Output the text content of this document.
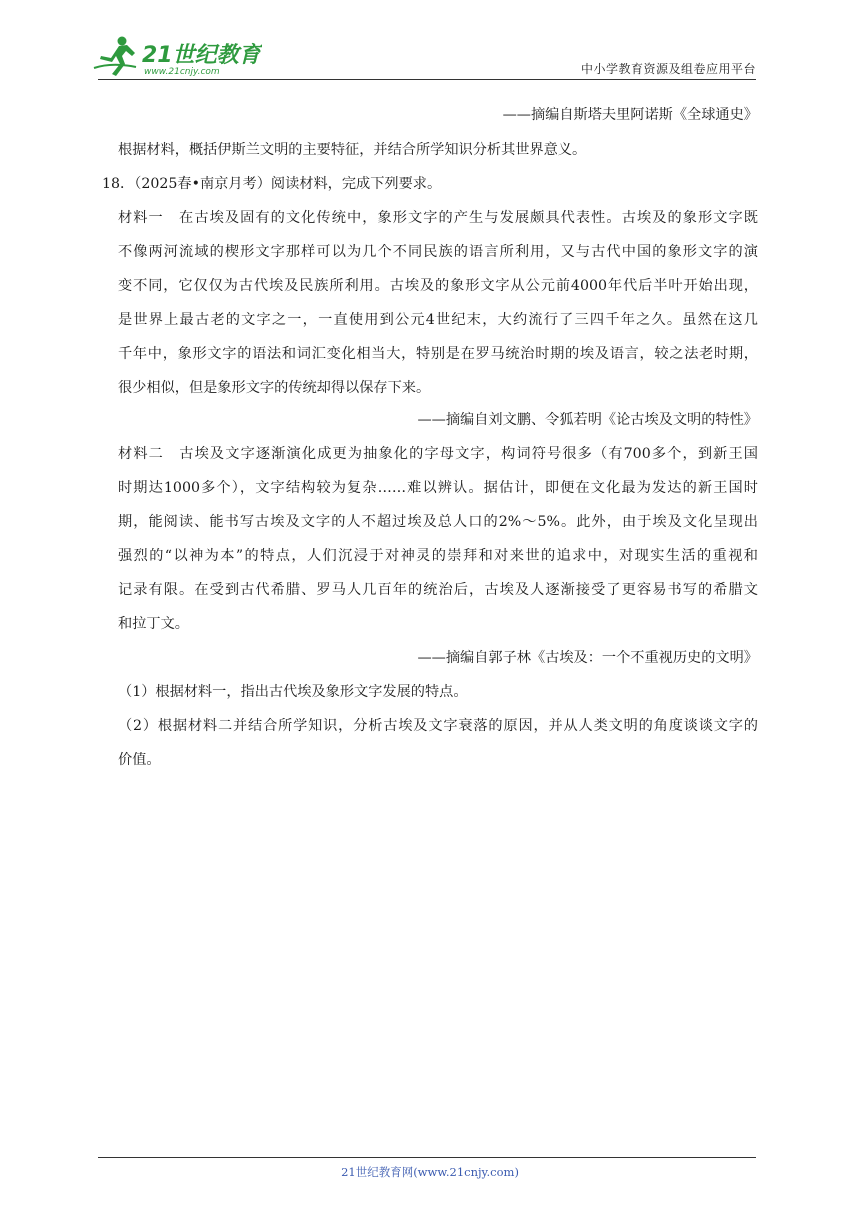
21世纪教育
www.21cnjy.com	中小学教育资源及组卷应用平台
——摘编自斯塔夫里阿诺斯《全球通史》
根据材料，概括伊斯兰文明的主要特征，并结合所学知识分析其世界意义。
18．（2025春•南京月考）阅读材料，完成下列要求。
材料一　在古埃及固有的文化传统中，象形文字的产生与发展颇具代表性。古埃及的象形文字既
不像两河流域的楔形文字那样可以为几个不同民族的语言所利用，又与古代中国的象形文字的演
变不同，它仅仅为古代埃及民族所利用。古埃及的象形文字从公元前4000年代后半叶开始出现，
是世界上最古老的文字之一，一直使用到公元4世纪末，大约流行了三四千年之久。虽然在这几
千年中，象形文字的语法和词汇变化相当大，特别是在罗马统治时期的埃及语言，较之法老时期，
很少相似，但是象形文字的传统却得以保存下来。
——摘编自刘文鹏、令狐若明《论古埃及文明的特性》
材料二　古埃及文字逐渐演化成更为抽象化的字母文字，构词符号很多（有700多个，到新王国
时期达1000多个），文字结构较为复杂……难以辨认。据估计，即便在文化最为发达的新王国时
期，能阅读、能书写古埃及文字的人不超过埃及总人口的2%～5%。此外，由于埃及文化呈现出
强烈的“以神为本”的特点，人们沉浸于对神灵的崇拜和对来世的追求中，对现实生活的重视和
记录有限。在受到古代希腊、罗马人几百年的统治后，古埃及人逐渐接受了更容易书写的希腊文
和拉丁文。
——摘编自郭子林《古埃及：一个不重视历史的文明》
（1）根据材料一，指出古代埃及象形文字发展的特点。
（2）根据材料二并结合所学知识，分析古埃及文字衰落的原因，并从人类文明的角度谈谈文字的
价值。
21世纪教育网(www.21cnjy.com)
